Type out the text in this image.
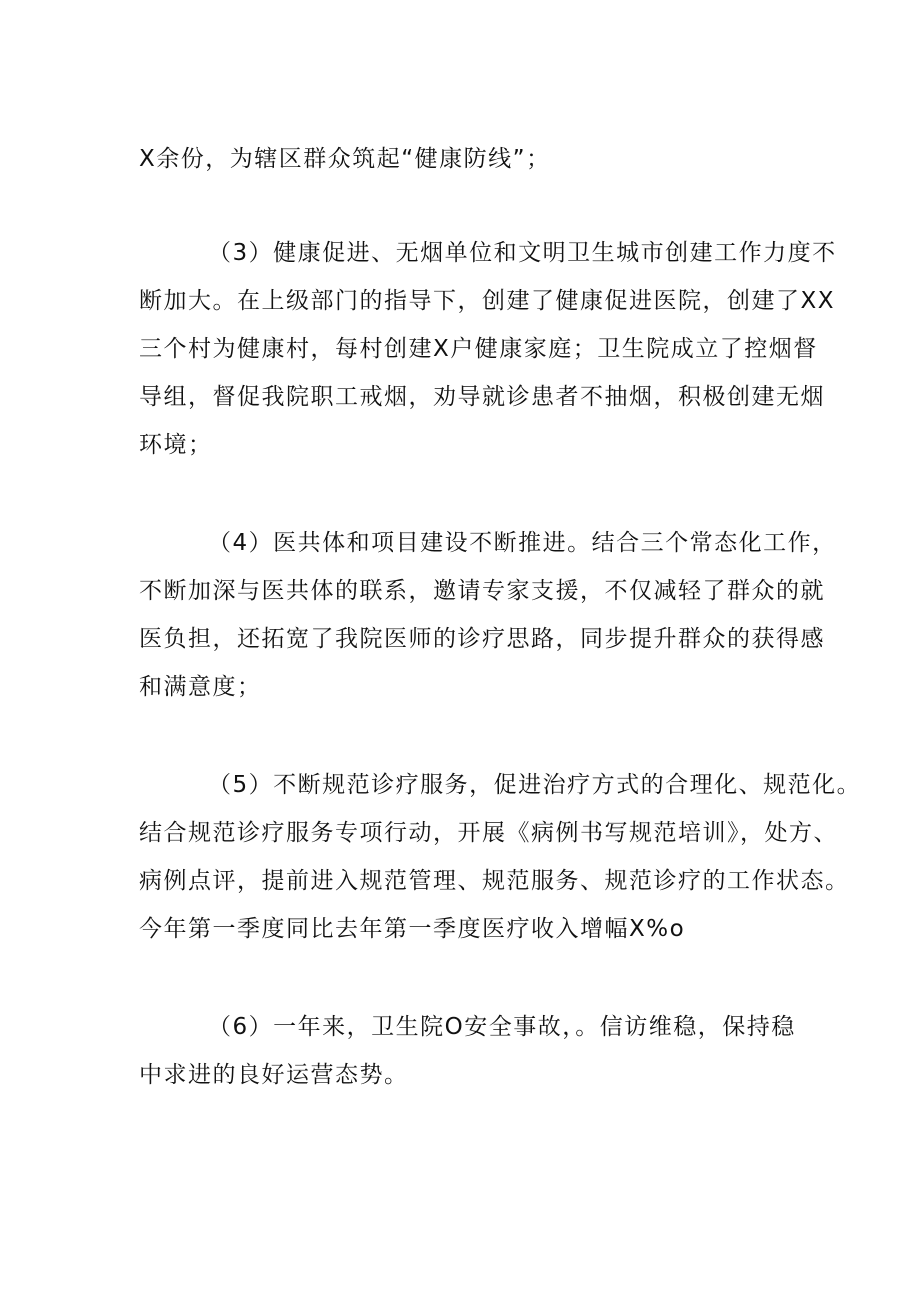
X余份，为辖区群众筑起“健康防线”；
（3）健康促进、无烟单位和文明卫生城市创建工作力度不
断加大。在上级部门的指导下，创建了健康促进医院，创建了XX
三个村为健康村，每村创建X户健康家庭；卫生院成立了控烟督
导组，督促我院职工戒烟，劝导就诊患者不抽烟，积极创建无烟
环境；
（4）医共体和项目建设不断推进。结合三个常态化工作，
不断加深与医共体的联系，邀请专家支援，不仅减轻了群众的就
医负担，还拓宽了我院医师的诊疗思路，同步提升群众的获得感
和满意度；
（5）不断规范诊疗服务，促进治疗方式的合理化、规范化。
结合规范诊疗服务专项行动，开展《病例书写规范培训》，处方、
病例点评，提前进入规范管理、规范服务、规范诊疗的工作状态。
今年第一季度同比去年第一季度医疗收入增幅X%o
（6）一年来，卫生院O安全事故，。信访维稳，保持稳
中求进的良好运营态势。
